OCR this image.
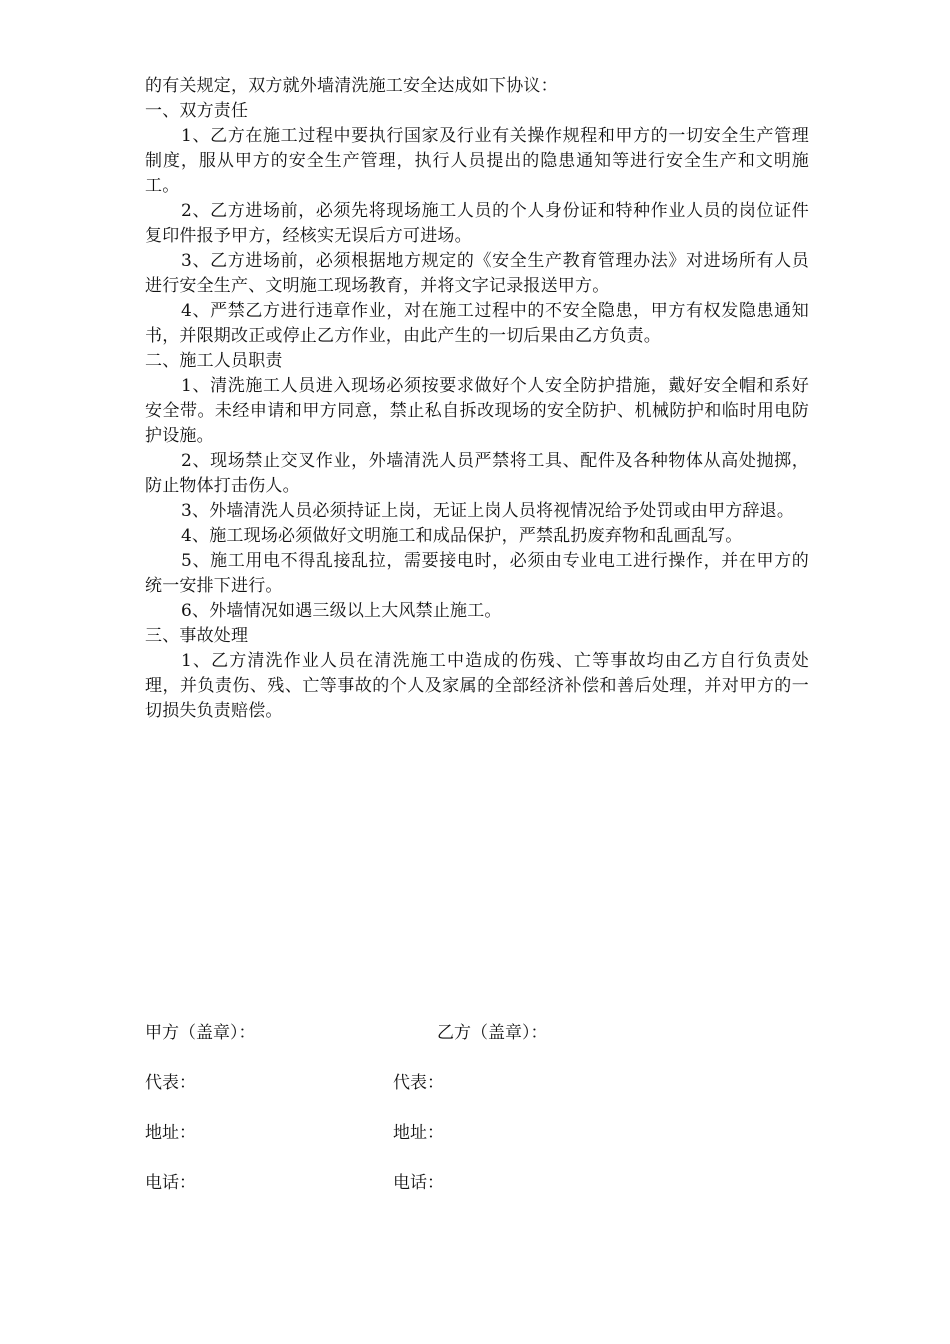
的有关规定，双方就外墙清洗施工安全达成如下协议：

一、双方责任

1、乙方在施工过程中要执行国家及行业有关操作规程和甲方的一切安全生产管理制度，服从甲方的安全生产管理，执行人员提出的隐患通知等进行安全生产和文明施工。

2、乙方进场前，必须先将现场施工人员的个人身份证和特种作业人员的岗位证件复印件报予甲方，经核实无误后方可进场。

3、乙方进场前，必须根据地方规定的《安全生产教育管理办法》对进场所有人员进行安全生产、文明施工现场教育，并将文字记录报送甲方。

4、严禁乙方进行违章作业，对在施工过程中的不安全隐患，甲方有权发隐患通知书，并限期改正或停止乙方作业，由此产生的一切后果由乙方负责。

二、施工人员职责

1、清洗施工人员进入现场必须按要求做好个人安全防护措施，戴好安全帽和系好安全带。未经申请和甲方同意，禁止私自拆改现场的安全防护、机械防护和临时用电防护设施。

2、现场禁止交叉作业，外墙清洗人员严禁将工具、配件及各种物体从高处抛掷，防止物体打击伤人。

3、外墙清洗人员必须持证上岗，无证上岗人员将视情况给予处罚或由甲方辞退。

4、施工现场必须做好文明施工和成品保护，严禁乱扔废弃物和乱画乱写。

5、施工用电不得乱接乱拉，需要接电时，必须由专业电工进行操作，并在甲方的统一安排下进行。

6、外墙情况如遇三级以上大风禁止施工。

三、事故处理

1、乙方清洗作业人员在清洗施工中造成的伤残、亡等事故均由乙方自行负责处理，并负责伤、残、亡等事故的个人及家属的全部经济补偿和善后处理，并对甲方的一切损失负责赔偿。

甲方（盖章）：	乙方（盖章）：
代表：	代表：
地址：	地址：
电话：	电话：
